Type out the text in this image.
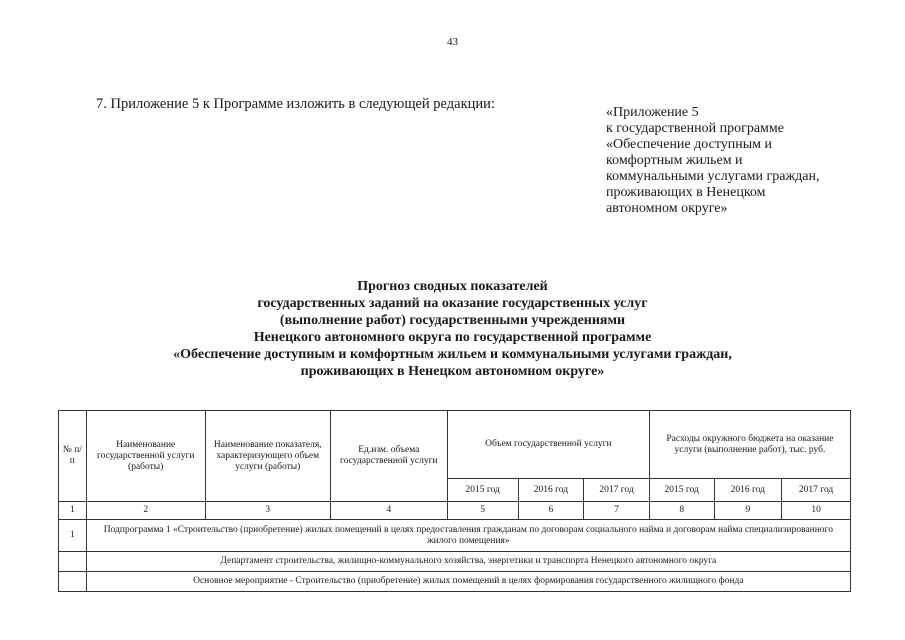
43
7. Приложение 5 к Программе изложить в следующей редакции:
«Приложение 5
к государственной программе
«Обеспечение доступным и
комфортным жильем и
коммунальными услугами граждан,
проживающих в Ненецком
автономном округе»
Прогноз сводных показателей
государственных заданий на оказание государственных услуг
(выполнение работ) государственными учреждениями
Ненецкого автономного округа по государственной программе
«Обеспечение доступным и комфортным жильем и коммунальными услугами граждан,
проживающих в Ненецком автономном округе»
№ п/п	Наименование государственной услуги (работы)	Наименование показателя, характеризующего объем услуги (работы)	Ед.изм. объема государственной услуги	Объем государственной услуги			Расходы окружного бюджета на оказание услуги (выполнение работ), тыс. руб.		
				2015 год	2016 год	2017 год	2015 год	2016 год	2017 год
1	2	3	4	5	6	7	8	9	10
1	Подпрограмма 1 «Строительство (приобретение) жилых помещений в целях предоставления гражданам по договорам социального найма и договорам найма специализированного жилого помещения»								
	Департамент строительства, жилищно-коммунального хозяйства, энергетики и транспорта Ненецкого автономного округа								
	Основное мероприятие - Строительство (приобретение) жилых помещений в целях формирования государственного жилищного фонда								
